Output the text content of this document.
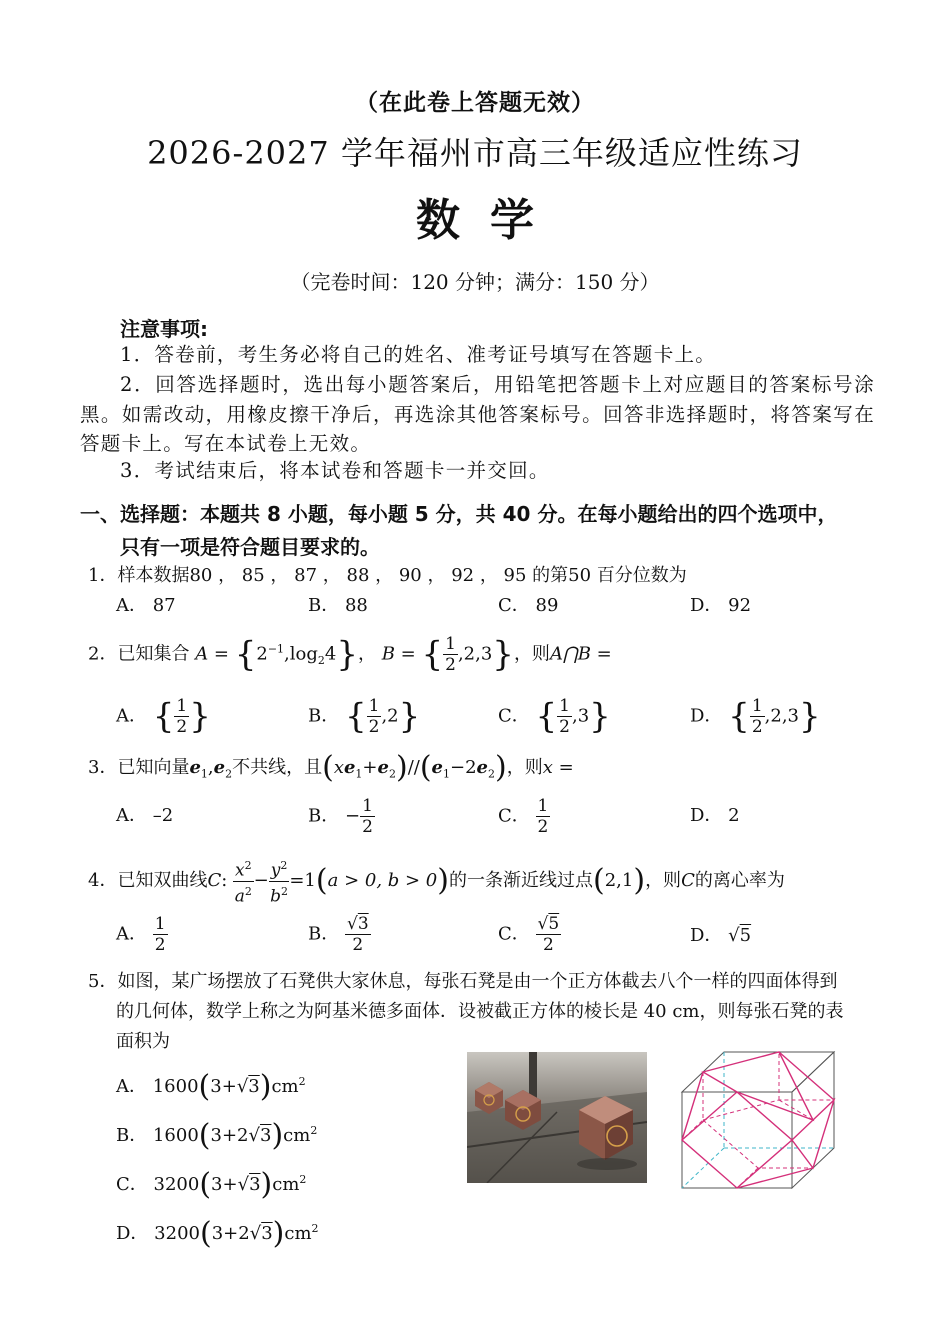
（在此卷上答题无效）
2026-2027 学年福州市高三年级适应性练习
数学
（完卷时间：120 分钟；满分：150 分）
注意事项:
1．答卷前，考生务必将自己的姓名、准考证号填写在答题卡上。
2．回答选择题时，选出每小题答案后，用铅笔把答题卡上对应题目的答案标号涂黑。如需改动，用橡皮擦干净后，再选涂其他答案标号。回答非选择题时，将答案写在答题卡上。写在本试卷上无效。
3．考试结束后，将本试卷和答题卡一并交回。
一、选择题：本题共 8 小题，每小题 5 分，共 40 分。在每小题给出的四个选项中，
只有一项是符合题目要求的。
1．样本数据80 ， 85 ， 87 ， 88 ， 90 ， 92 ， 95 的第50 百分位数为
A． 87	B． 88	C． 89	D． 92
2．已知集合 $A = \{2^{-1},\log_24\}$， B = { $\frac{1}{2} ,2,3$}，则A⋂B =
A． { $\frac{1}{2}$ }	B． { $\frac{1}{2} ,2$}	C． { $\frac{1}{2} ,3$}	D． { $\frac{1}{2} ,2,3$}
3．已知向量$e_1,e_2$不共线，且$(xe_1+e_2)//(e_1-2e_2)$，则x =
A． –2	B． − $\frac{1}{2}$	C． $\frac{1}{2}$	D． 2
4．已知双曲线C: $\frac{x^2}{a^2} - \frac{y^2}{b^2} =1(a > 0$, b > 0)的一条渐近线过点(2,1)，则C的离心率为
A． $\frac{1}{2}$	B． $\frac{√3}{2}$	C． $\frac{√5}{2}$	D． √5
5．如图，某广场摆放了石凳供大家休息，每张石凳是由一个正方体截去八个一样的四面体得到
的几何体，数学上称之为阿基米德多面体．设被截正方体的棱长是 40 cm，则每张石凳的表
面积为
A． $1600(3+√3)cm^2$
B． $1600(3+2√3)cm^2$
C． $3200(3+√3)cm^2$
D． $3200(3+2√3)cm^2$
